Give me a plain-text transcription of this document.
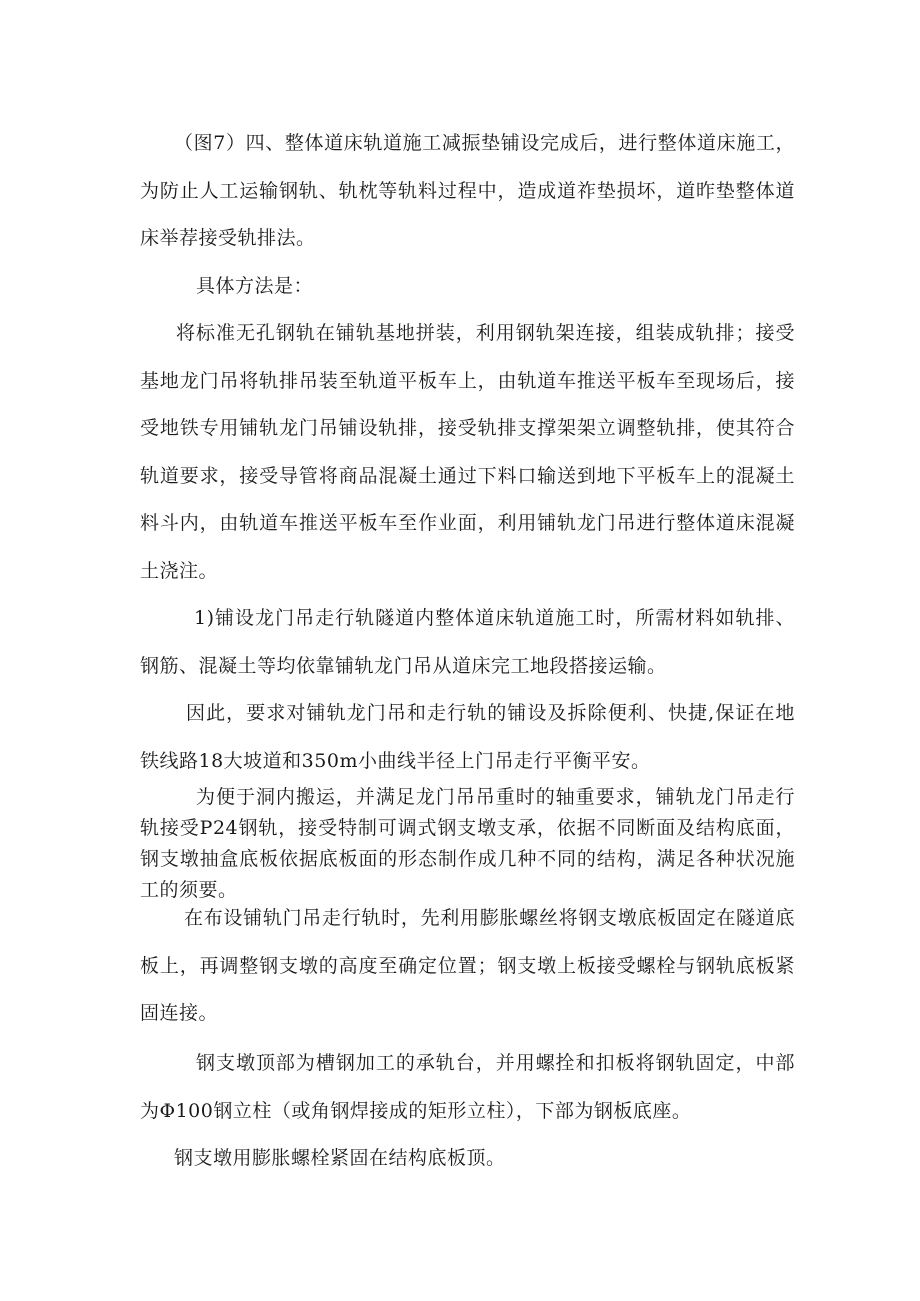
（图7）四、整体道床轨道施工减振垫铺设完成后，进行整体道床施工，为防止人工运输钢轨、轨枕等轨料过程中，造成道祚垫损坏，道昨垫整体道床举荐接受轨排法。

具体方法是：

将标准无孔钢轨在铺轨基地拼装，利用钢轨架连接，组装成轨排；接受基地龙门吊将轨排吊装至轨道平板车上，由轨道车推送平板车至现场后，接受地铁专用铺轨龙门吊铺设轨排，接受轨排支撑架架立调整轨排，使其符合轨道要求，接受导管将商品混凝土通过下料口输送到地下平板车上的混凝土料斗内，由轨道车推送平板车至作业面，利用铺轨龙门吊进行整体道床混凝土浇注。

1)铺设龙门吊走行轨隧道内整体道床轨道施工时，所需材料如轨排、钢筋、混凝土等均依靠铺轨龙门吊从道床完工地段搭接运输。

因此，要求对铺轨龙门吊和走行轨的铺设及拆除便利、快捷,保证在地铁线路18大坡道和350m小曲线半径上门吊走行平衡平安。

为便于洞内搬运，并满足龙门吊吊重时的轴重要求，铺轨龙门吊走行轨接受P24钢轨，接受特制可调式钢支墩支承，依据不同断面及结构底面，钢支墩抽盒底板依据底板面的形态制作成几种不同的结构，满足各种状况施工的须要。

在布设铺轨门吊走行轨时，先利用膨胀螺丝将钢支墩底板固定在隧道底板上，再调整钢支墩的高度至确定位置；钢支墩上板接受螺栓与钢轨底板紧固连接。

钢支墩顶部为槽钢加工的承轨台，并用螺拴和扣板将钢轨固定，中部为Φ100钢立柱（或角钢焊接成的矩形立柱），下部为钢板底座。

钢支墩用膨胀螺栓紧固在结构底板顶。
